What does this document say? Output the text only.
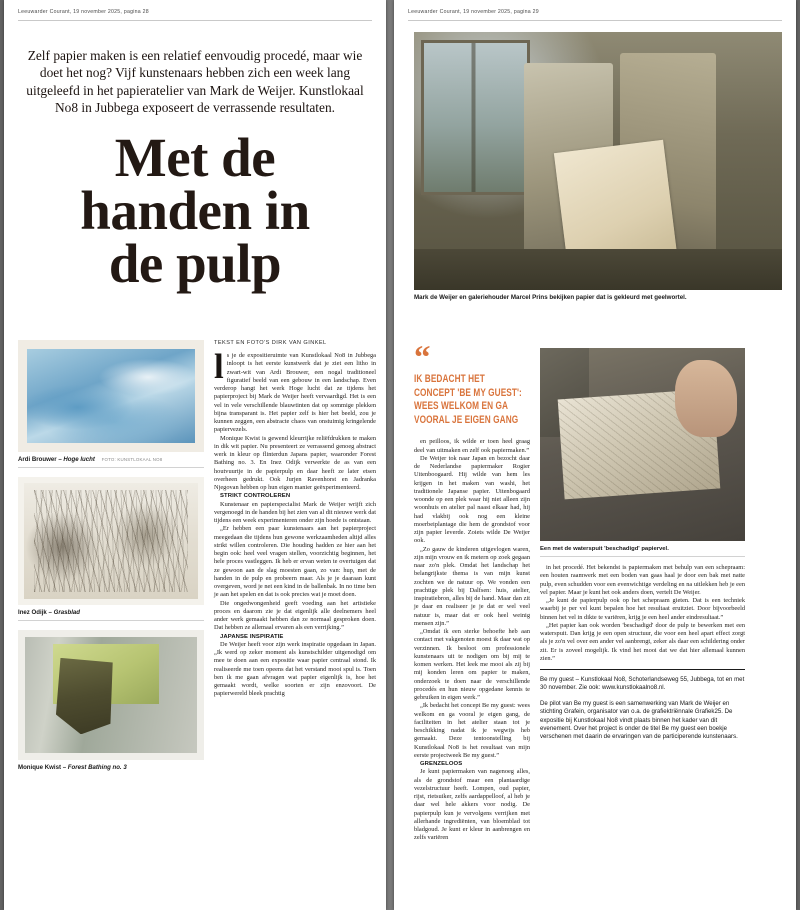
Leeuwarder Courant, 19 november 2025, pagina 28
Zelf papier maken is een relatief eenvoudig procedé, maar wie doet het nog? Vijf kunstenaars hebben zich een week lang uitgeleefd in het papieratelier van Mark de Weijer. Kunstlokaal No8 in Jubbega exposeert de verrassende resultaten.
Met de
handen in
de pulp
Ardi Brouwer – Hoge lucht FOTO: KUNSTLOKAAL NO8
Inez Odijk – Grasblad
Monique Kwist – Forest Bathing no. 3
TEKST EN FOTO'S DIRK VAN GINKEL

ls je de expositieruimte van Kunstlokaal No8 in Jubbega inloopt is het eerste kunstwerk dat je ziet een litho in zwart-wit van Ardi Brouwer, een nogal traditioneel figuratief beeld van een gebouw in een landschap. Even verderop hangt het werk Hoge lucht dat ze tijdens het papierproject bij Mark de Weijer heeft vervaardigd. Het is een vel in vele verschillende blauwtinten dat op sommige plekken bijna transparant is. Het papier zelf is hier het beeld, zou je kunnen zeggen, een abstracte chaos van onstuimig kringelende papiervezels.

Monique Kwist is gewend kleurrijke reliëfdrukken te maken in dik wit papier. Nu presenteert ze verrassend genoeg abstract werk in kleur op flinterdun Japans papier, waaronder Forest Bathing no. 3. En Inez Odijk verwerkte de as van een houtvuurtje in de papierpulp en daar heeft ze later etsen overheen gedrukt. Ook Jurjen Ravenhorst en Jadranka Njegovan hebben op hun eigen manier geëxperimenteerd.

STRIKT CONTROLEREN

Kunstenaar en papierspecialist Mark de Weijer wrijft zich vergenoegd in de handen bij het zien van al dit nieuwe werk dat tijdens een week experimenteren onder zijn hoede is ontstaan.

„Er hebben een paar kunstenaars aan het papierproject meegedaan die tijdens hun gewone werkzaamheden altijd alles strikt willen controleren. Die houding hadden ze hier aan het begin ook: heel veel vragen stellen, voorzichtig beginnen, het hele proces vastleggen. Ik heb er ervan weten te overtuigen dat ze gewoon aan de slag moesten gaan, zo van: hup, met de handen in de pulp en probeern maar. Als je je daaraan kunt overgeven, word je net een kind in de ballenbak. In no time ben je aan het spelen en dat is ook precies wat je moet doen.

Die ongedwongenheid geeft voeding aan het artistieke proces en daarom zie je dat eigenlijk alle deelnemers heel ander werk gemaakt hebben dan ze normaal gesproken doen. Dat hebben ze allemaal ervaren als een verrijking.”

JAPANSE INSPIRATIE

De Weijer heeft voor zijn werk inspiratie opgedaan in Japan. „Ik werd op zeker moment als kunstschilder uitgenodigd om mee te doen aan een expositie waar papier centraal stond. Ik realiseerde me toen opeens dat het verstand mooi spul is. Toen ben ik me gaan afvragen wat papier eigenlijk is, hoe het gemaakt wordt, welke soorten er zijn enzovoort. De papierwereld bleek prachtig

Leeuwarder Courant, 19 november 2025, pagina 29
Mark de Weijer en galeriehouder Marcel Prins bekijken papier dat is gekleurd met geelwortel.
“
IK BEDACHT HET
CONCEPT 'BE MY GUEST':
WEES WELKOM EN GA
VOORAL JE EIGEN GANG

en peilloos, ik wilde er toen heel graag deel van uitmaken en zelf ook papiermaken.”

De Weijer tok naar Japan en bezocht daar de Nederlandse papiermaker Rogier Uitenboogaard. Hij wilde van hem les krijgen in het maken van washi, het traditionele Japanse papier. Uitenbogaard woonde op een plek waar hij niet alleen zijn woonhuis en atelier pal naast elkaar had, hij had vlakbij ook nog een kleine moerbeiplantage die hem de grondstof voor zijn papier leverde. Zoiets wilde De Weijer ook.

„Zo gauw de kinderen uitgevlogen waren, zijn mijn vrouw en ik metern op zoek gegaan naar zo'n plek. Omdat het landschap het belangrijkste thema is van mijn kunst zochten we de natuur op. We vonden een prachtige plek bij Dalfsen: huis, atelier, inspiratiebron, alles bij de hand. Maar dan zit je daar en realiseer je je dat er wel veel natuur is, maar dat er ook heel weinig mensen zijn.”

„Omdat ik een sterke behoefte heb aan contact met vakgenoten moest ik daar wat op verzinnen. Ik besloot om professionele kunstenaars uit te nodigen om bij mij te komen werken. Het leek me mooi als zij bij mij konden leren om papier te maken, onderzoek te doen naar de verschillende procedés en hun nieuw opgedane kennis te gebruiken in eigen werk.”

„Ik bedacht het concept Be my guest: wees welkom en ga vooral je eigen gang, de faciliteiten in het atelier staan tot je beschikking nadat ik je wegwijs heb gemaakt. Deze tentoonstelling bij Kunstlokaal No8 is het resultaat van mijn eerste projectweek Be my guest.”

GRENZELOOS

Je kunt papiermaken van nagenoeg alles, als de grondstof maar een plantaardige vezelstructuur heeft. Lompen, oud papier, rijst, rietsuiker, zelfs aardappelloof, al heb je daar wel hele akkers voor nodig. De papierpulp kun je vervolgens verrijken met allerhande ingrediënten, van bloemblad tot bladgoud. Je kunt er kleur in aanbrengen en zelfs variëren

Een met de waterspuit 'beschadigd' papiervel.

in het procedé. Het bekendst is papiermaken met behulp van een schepraam: een houten raamwerk met een boden van gaas haal je door een bak met natte pulp, even schudden voor een evenwichtige verdeling en na uitlekken heb je een vel papier. Maar je kunt het ook anders doen, vertelt De Weijer.

„Je kunt de papierpulp ook op het schepraam gieten. Dat is een techniek waarbij je per vel kunt bepalen hoe het resultaat eruitziet. Door bijvoorbeeld binnen het vel in dikte te variëren, krijg je een heel ander eindresultaat.”

„Het papier kan ook worden 'beschadigd' door de pulp te bewerken met een waterspuit. Dan krijg je een open structuur, die voor een heel apart effect zorgt als je zo'n vel over een ander vel aanbrengt, zeker als daar een schildering onder zit. Er is zoveel mogelijk. Ik vind het mooi dat we dat hier allemaal kunnen zien.”

Be my guest – Kunstlokaal No8, Schoterlandseweg 55, Jubbega, tot en met 30 november. Zie ook: www.kunstlokaalno8.nl.

De pilot van Be my guest is een samenwerking van Mark de Weijer en stichting Grafein, organisator van o.a. de grafiektriënnale Grafiek25. De expositie bij Kunstlokaal No8 vindt plaats binnen het kader van dit evenement. Over het project is onder de titel Be my guest een boekje verschenen met daarin de ervaringen van de participerende kunstenaars.
